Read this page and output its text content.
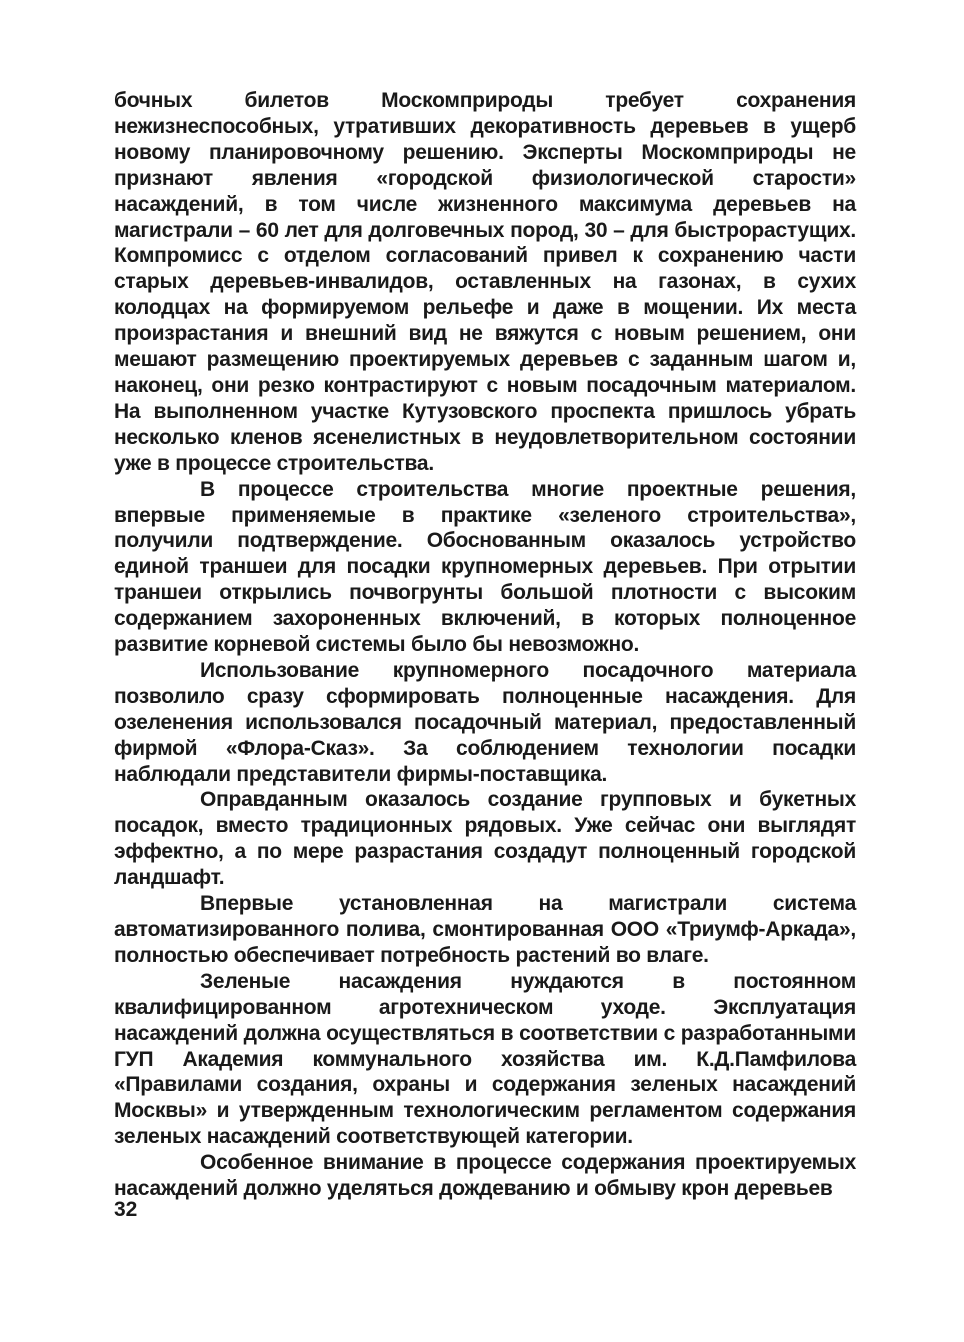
бочных билетов Москомприроды требует сохранения нежизнеспособных, утративших декоративность деревьев в ущерб новому планировочному решению. Эксперты Москомприроды не признают явления «городской физиологической старости» насаждений, в том числе жизненного максимума деревьев на магистрали – 60 лет для долговечных пород, 30 – для быстрорастущих. Компромисс с отделом согласований привел к сохранению части старых деревьев-инвалидов, оставленных на газонах, в сухих колодцах на формируемом рельефе и даже в мощении. Их места произрастания и внешний вид не вяжутся с новым решением, они мешают размещению проектируемых деревьев с заданным шагом и, наконец, они резко контрастируют с новым посадочным материалом. На выполненном участке Кутузовского проспекта пришлось убрать несколько кленов ясенелистных в неудовлетворительном состоянии уже в процессе строительства.

В процессе строительства многие проектные решения, впервые применяемые в практике «зеленого строительства», получили подтверждение. Обоснованным оказалось устройство единой траншеи для посадки крупномерных деревьев. При отрытии траншеи открылись почвогрунты большой плотности с высоким содержанием захороненных включений, в которых полноценное развитие корневой системы было бы невозможно.

Использование крупномерного посадочного материала позволило сразу сформировать полноценные насаждения. Для озеленения использовался посадочный материал, предоставленный фирмой «Флора-Сказ». За соблюдением технологии посадки наблюдали представители фирмы-поставщика.

Оправданным оказалось создание групповых и букетных посадок, вместо традиционных рядовых. Уже сейчас они выглядят эффектно, а по мере разрастания создадут полноценный городской ландшафт.

Впервые установленная на магистрали система автоматизированного полива, смонтированная ООО «Триумф-Аркада», полностью обеспечивает потребность растений во влаге.

Зеленые насаждения нуждаются в постоянном квалифицированном агротехническом уходе. Эксплуатация насаждений должна осуществляться в соответствии с разработанными ГУП Академия коммунального хозяйства им. К.Д.Памфилова «Правилами создания, охраны и содержания зеленых насаждений Москвы» и утвержденным технологическим регламентом содержания зеленых насаждений соответствующей категории.

Особенное внимание в процессе содержания проектируемых насаждений должно уделяться дождеванию и обмыву крон деревьев

32
